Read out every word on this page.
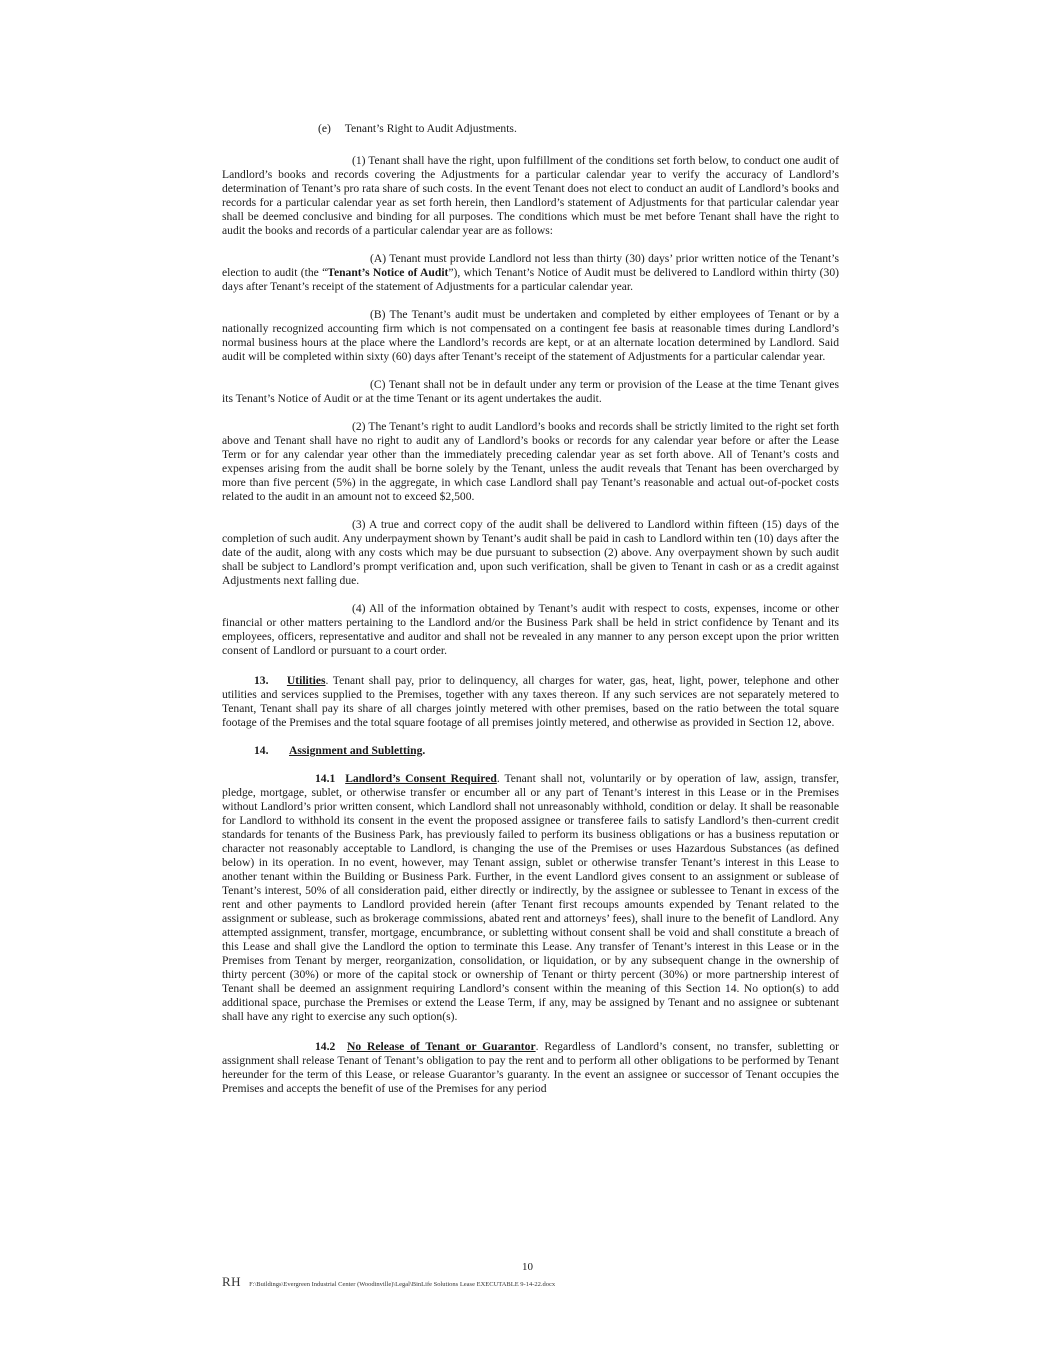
(e) Tenant’s Right to Audit Adjustments.

(1) Tenant shall have the right, upon fulfillment of the conditions set forth below, to conduct one audit of Landlord’s books and records covering the Adjustments for a particular calendar year to verify the accuracy of Landlord’s determination of Tenant’s pro rata share of such costs. In the event Tenant does not elect to conduct an audit of Landlord’s books and records for a particular calendar year as set forth herein, then Landlord’s statement of Adjustments for that particular calendar year shall be deemed conclusive and binding for all purposes. The conditions which must be met before Tenant shall have the right to audit the books and records of a particular calendar year are as follows:

(A) Tenant must provide Landlord not less than thirty (30) days’ prior written notice of the Tenant’s election to audit (the “Tenant’s Notice of Audit”), which Tenant’s Notice of Audit must be delivered to Landlord within thirty (30) days after Tenant’s receipt of the statement of Adjustments for a particular calendar year.

(B) The Tenant’s audit must be undertaken and completed by either employees of Tenant or by a nationally recognized accounting firm which is not compensated on a contingent fee basis at reasonable times during Landlord’s normal business hours at the place where the Landlord’s records are kept, or at an alternate location determined by Landlord. Said audit will be completed within sixty (60) days after Tenant’s receipt of the statement of Adjustments for a particular calendar year.

(C) Tenant shall not be in default under any term or provision of the Lease at the time Tenant gives its Tenant’s Notice of Audit or at the time Tenant or its agent undertakes the audit.

(2) The Tenant’s right to audit Landlord’s books and records shall be strictly limited to the right set forth above and Tenant shall have no right to audit any of Landlord’s books or records for any calendar year before or after the Lease Term or for any calendar year other than the immediately preceding calendar year as set forth above. All of Tenant’s costs and expenses arising from the audit shall be borne solely by the Tenant, unless the audit reveals that Tenant has been overcharged by more than five percent (5%) in the aggregate, in which case Landlord shall pay Tenant’s reasonable and actual out-of-pocket costs related to the audit in an amount not to exceed $2,500.

(3) A true and correct copy of the audit shall be delivered to Landlord within fifteen (15) days of the completion of such audit. Any underpayment shown by Tenant’s audit shall be paid in cash to Landlord within ten (10) days after the date of the audit, along with any costs which may be due pursuant to subsection (2) above. Any overpayment shown by such audit shall be subject to Landlord’s prompt verification and, upon such verification, shall be given to Tenant in cash or as a credit against Adjustments next falling due.

(4) All of the information obtained by Tenant’s audit with respect to costs, expenses, income or other financial or other matters pertaining to the Landlord and/or the Business Park shall be held in strict confidence by Tenant and its employees, officers, representative and auditor and shall not be revealed in any manner to any person except upon the prior written consent of Landlord or pursuant to a court order.

13. Utilities. Tenant shall pay, prior to delinquency, all charges for water, gas, heat, light, power, telephone and other utilities and services supplied to the Premises, together with any taxes thereon. If any such services are not separately metered to Tenant, Tenant shall pay its share of all charges jointly metered with other premises, based on the ratio between the total square footage of the Premises and the total square footage of all premises jointly metered, and otherwise as provided in Section 12, above.

14. Assignment and Subletting.

14.1 Landlord’s Consent Required. Tenant shall not, voluntarily or by operation of law, assign, transfer, pledge, mortgage, sublet, or otherwise transfer or encumber all or any part of Tenant’s interest in this Lease or in the Premises without Landlord’s prior written consent, which Landlord shall not unreasonably withhold, condition or delay. It shall be reasonable for Landlord to withhold its consent in the event the proposed assignee or transferee fails to satisfy Landlord’s then-current credit standards for tenants of the Business Park, has previously failed to perform its business obligations or has a business reputation or character not reasonably acceptable to Landlord, is changing the use of the Premises or uses Hazardous Substances (as defined below) in its operation. In no event, however, may Tenant assign, sublet or otherwise transfer Tenant’s interest in this Lease to another tenant within the Building or Business Park. Further, in the event Landlord gives consent to an assignment or sublease of Tenant’s interest, 50% of all consideration paid, either directly or indirectly, by the assignee or sublessee to Tenant in excess of the rent and other payments to Landlord provided herein (after Tenant first recoups amounts expended by Tenant related to the assignment or sublease, such as brokerage commissions, abated rent and attorneys’ fees), shall inure to the benefit of Landlord. Any attempted assignment, transfer, mortgage, encumbrance, or subletting without consent shall be void and shall constitute a breach of this Lease and shall give the Landlord the option to terminate this Lease. Any transfer of Tenant’s interest in this Lease or in the Premises from Tenant by merger, reorganization, consolidation, or liquidation, or by any subsequent change in the ownership of thirty percent (30%) or more of the capital stock or ownership of Tenant or thirty percent (30%) or more partnership interest of Tenant shall be deemed an assignment requiring Landlord’s consent within the meaning of this Section 14. No option(s) to add additional space, purchase the Premises or extend the Lease Term, if any, may be assigned by Tenant and no assignee or subtenant shall have any right to exercise any such option(s).

14.2 No Release of Tenant or Guarantor. Regardless of Landlord’s consent, no transfer, subletting or assignment shall release Tenant of Tenant’s obligation to pay the rent and to perform all other obligations to be performed by Tenant hereunder for the term of this Lease, or release Guarantor’s guaranty. In the event an assignee or successor of Tenant occupies the Premises and accepts the benefit of use of the Premises for any period

10
RH F:\Buildings\Evergreen Industrial Center (Woodinville)\Legal\BinLife Solutions Lease EXECUTABLE 9-14-22.docx
